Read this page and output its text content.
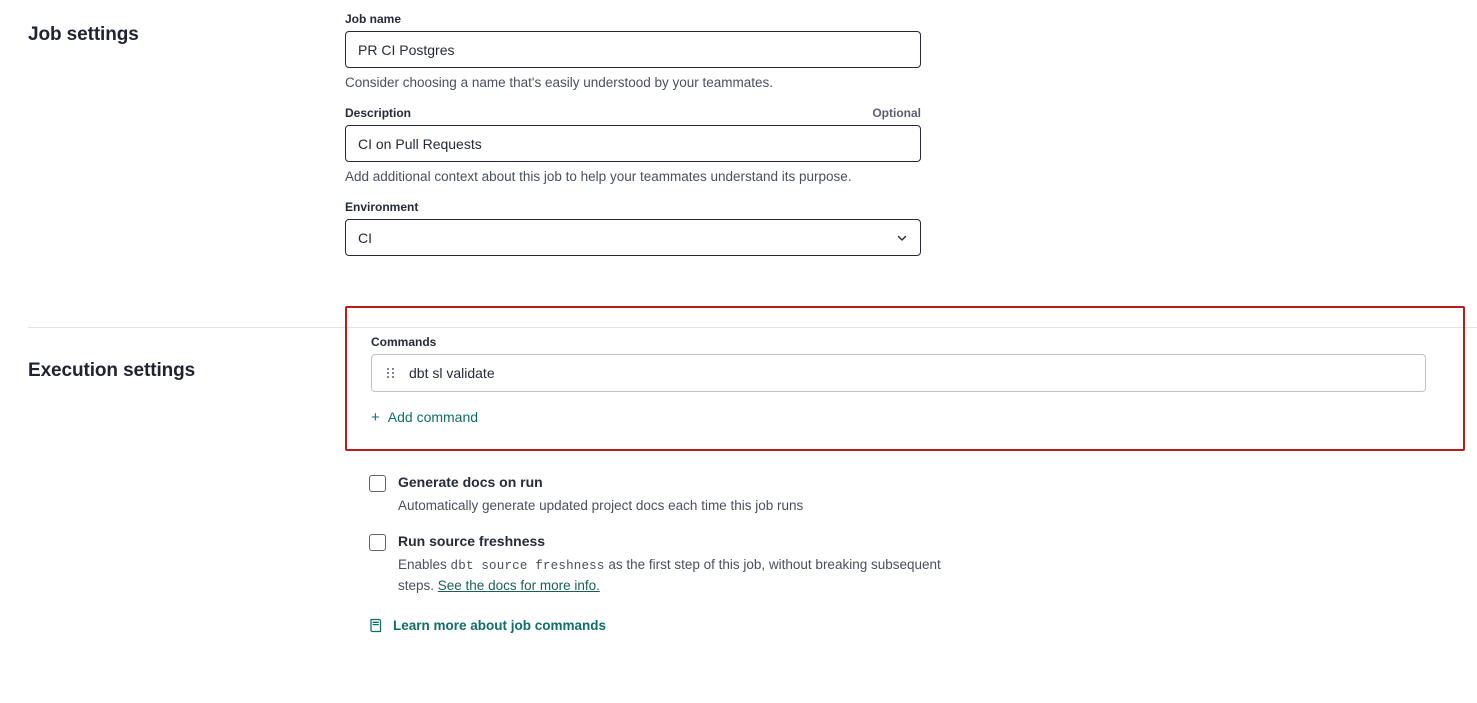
Job settings
Job name
PR CI Postgres
Consider choosing a name that's easily understood by your teammates.
Description	Optional
CI on Pull Requests
Add additional context about this job to help your teammates understand its purpose.
Environment
CI
Execution settings
Commands
dbt sl validate
+ Add command
Generate docs on run
Automatically generate updated project docs each time this job runs
Run source freshness
Enables dbt source freshness as the first step of this job, without breaking subsequent steps. See the docs for more info.
Learn more about job commands
